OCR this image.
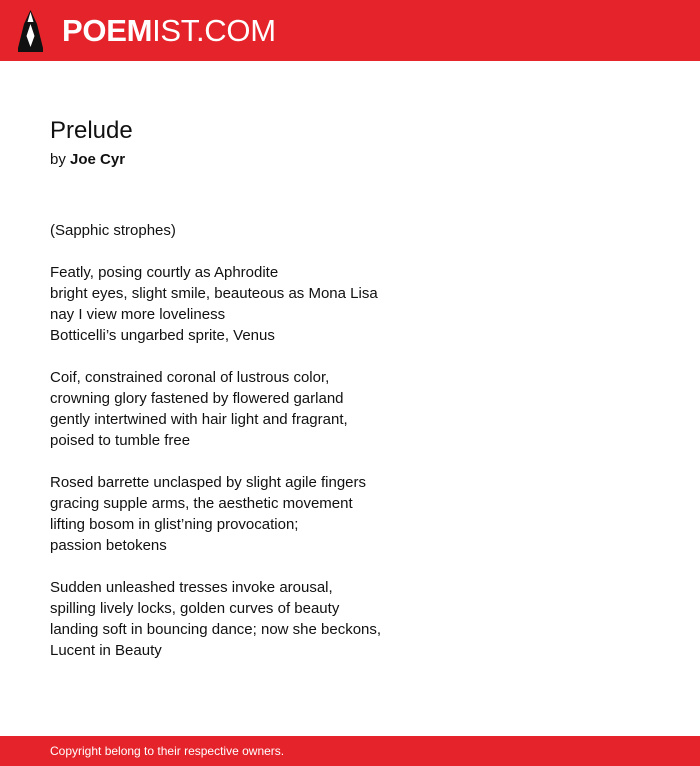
POEMIST.COM
Prelude
by Joe Cyr
(Sapphic strophes)
Featly, posing courtly as Aphrodite
bright eyes, slight smile, beauteous as Mona Lisa
nay I view more loveliness
Botticelli’s ungarbed sprite, Venus
Coif, constrained coronal of lustrous color,
crowning glory fastened by flowered garland
gently intertwined with hair light and fragrant,
poised to tumble free
Rosed barrette unclasped by slight agile fingers
gracing supple arms, the aesthetic movement
lifting bosom in glist’ning provocation;
passion betokens
Sudden unleashed tresses invoke arousal,
spilling lively locks, golden curves of beauty
landing soft in bouncing dance; now she beckons,
Lucent in Beauty
Copyright belong to their respective owners.
